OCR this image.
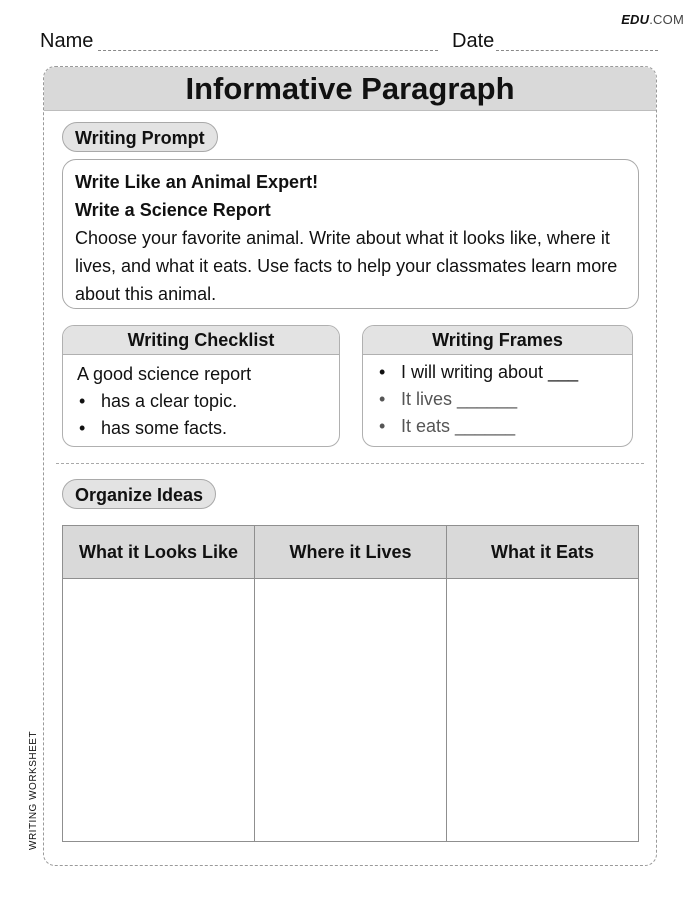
EDU.COM
Name	Date
Informative Paragraph
Writing Prompt
Write Like an Animal Expert!
Write a Science Report
Choose your favorite animal. Write about what it looks like, where it lives, and what it eats. Use facts to help your classmates learn more about this animal.
Writing Checklist
A good science report
• has a clear topic.
• has some facts.
Writing Frames
• I will writing about ___
• It lives ______
• It eats ______
Organize Ideas
What it Looks Like	Where it Lives	What it Eats
WRITING WORKSHEET
